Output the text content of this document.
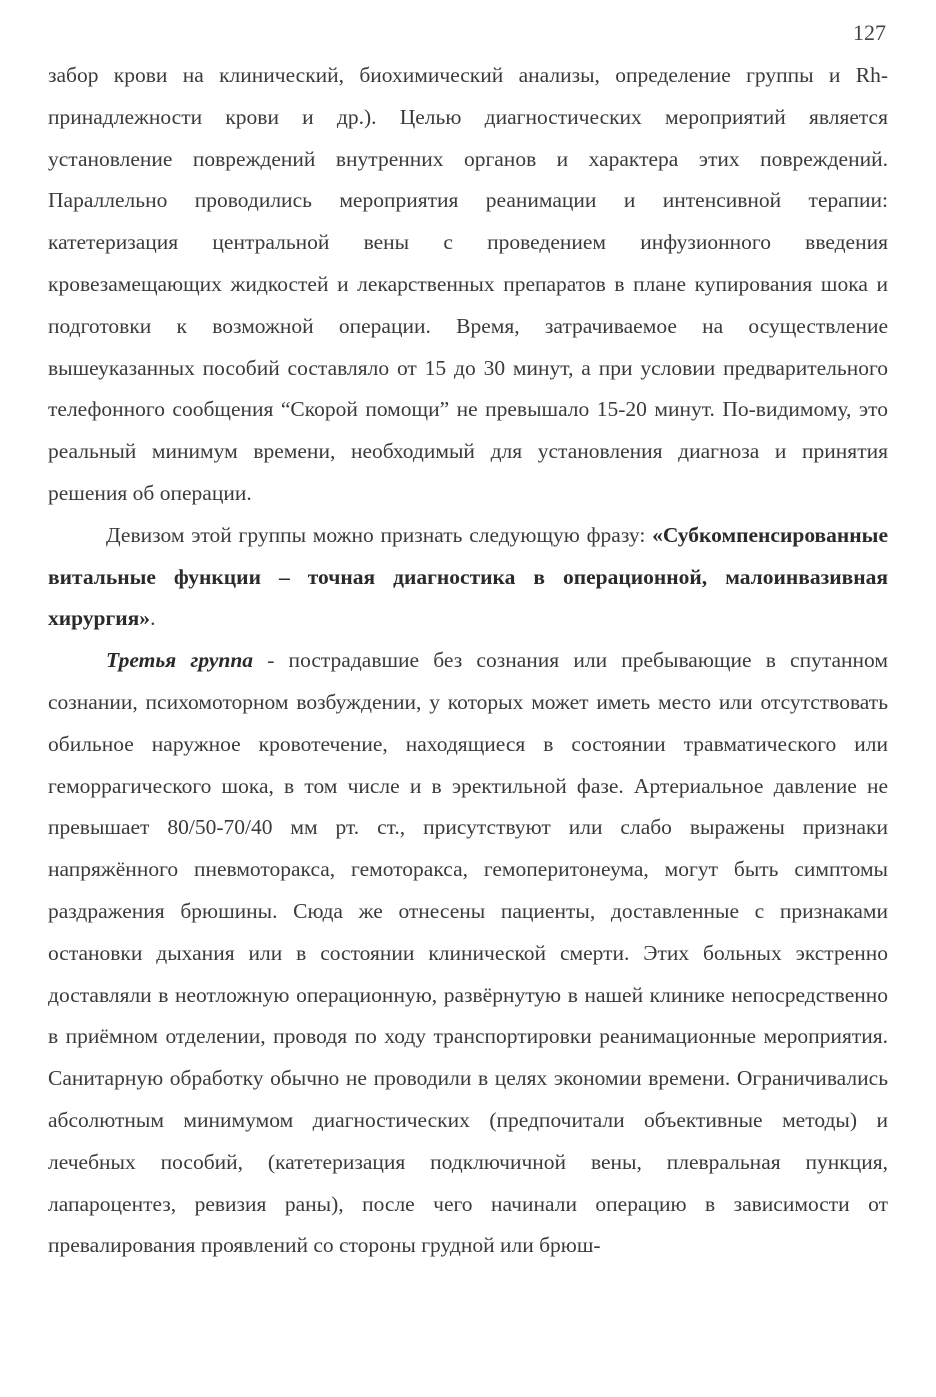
127

забор крови на клинический, биохимический анализы, определение группы и Rh-принадлежности крови и др.). Целью диагностических мероприятий является установление повреждений внутренних органов и характера этих повреждений. Параллельно проводились мероприятия реанимации и интенсивной терапии: катетеризация центральной вены с проведением инфузионного введения кровезамещающих жидкостей и лекарственных препаратов в плане купирования шока и подготовки к возможной операции. Время, затрачиваемое на осуществление вышеуказанных пособий составляло от 15 до 30 минут, а при условии предварительного телефонного сообщения “Скорой помощи” не превышало 15-20 минут. По-видимому, это реальный минимум времени, необходимый для установления диагноза и принятия решения об операции.

Девизом этой группы можно признать следующую фразу: «Субкомпенсированные витальные функции – точная диагностика в операционной, малоинвазивная хирургия».

Третья группа - пострадавшие без сознания или пребывающие в спутанном сознании, психомоторном возбуждении, у которых может иметь место или отсутствовать обильное наружное кровотечение, находящиеся в состоянии травматического или геморрагического шока, в том числе и в эректильной фазе. Артериальное давление не превышает 80/50-70/40 мм рт. ст., присутствуют или слабо выражены признаки напряжённого пневмоторакса, гемоторакса, гемоперитонеума, могут быть симптомы раздражения брюшины. Сюда же отнесены пациенты, доставленные с признаками остановки дыхания или в состоянии клинической смерти. Этих больных экстренно доставляли в неотложную операционную, развёрнутую в нашей клинике непосредственно в приёмном отделении, проводя по ходу транспортировки реанимационные мероприятия. Санитарную обработку обычно не проводили в целях экономии времени. Ограничивались абсолютным минимумом диагностических (предпочитали объективные методы) и лечебных пособий, (катетеризация подключичной вены, плевральная пункция, лапароцентез, ревизия раны), после чего начинали операцию в зависимости от превалирования проявлений со стороны грудной или брюш-
